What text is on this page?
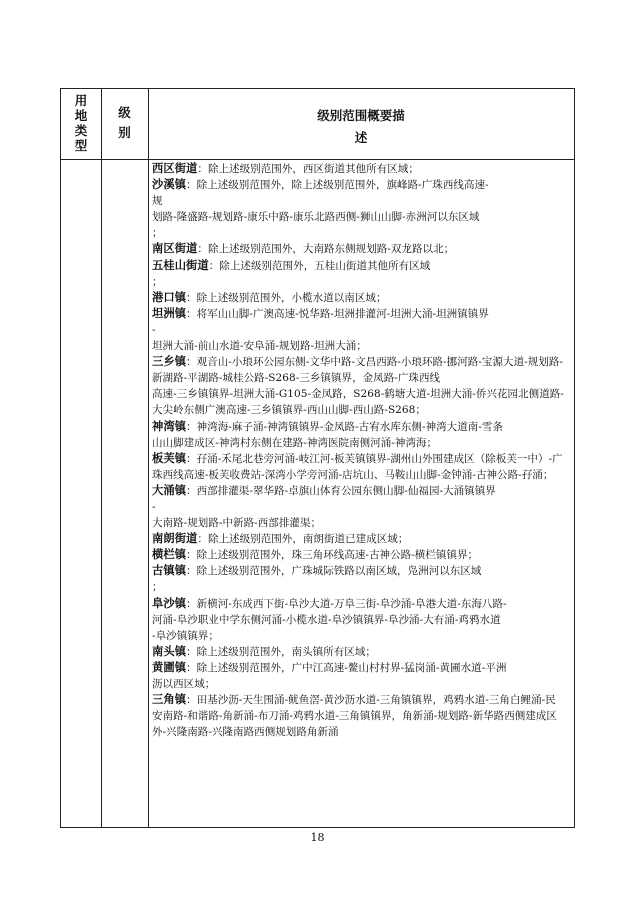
用
地
类
型
级
别
级别范围概要描
述
西区街道：除上述级别范围外，西区街道其他所有区域；
沙溪镇：除上述级别范围外，除上述级别范围外，旗峰路-广珠西线高速-
规
划路-隆盛路-规划路-康乐中路-康乐北路西侧-狮山山脚-赤洲河以东区域
；
南区街道：除上述级别范围外，大南路东侧规划路-双龙路以北；
五桂山街道：除上述级别范围外，五桂山街道其他所有区域
；
港口镇：除上述级别范围外，小榄水道以南区域；
坦洲镇：将军山山脚-广澳高速-悦华路-坦洲排灌河-坦洲大涌-坦洲镇镇界
-
坦洲大涌-前山水道-安阜涌-规划路-坦洲大涌；
三乡镇：观音山-小琅环公园东侧-文华中路-文昌西路-小琅环路-挪河路-宝源大道-规划路-新湖路-平湖路-城桂公路-S268-三乡镇镇界，金凤路-广珠西线
高速-三乡镇镇界-坦洲大涌-G105-金凤路，S268-鹤塘大道-坦洲大涌-侨兴花园北侧道路-大尖岭东侧广澳高速-三乡镇镇界-西山山脚-西山路-S268；
神湾镇：神湾海-麻子涌-神湾镇镇界-金凤路-古宥水库东侧-神湾大道南-雪条
山山脚建成区-神湾村东侧在建路-神湾医院南侧河涌-神湾海；
板芙镇：孖涌-禾尾北巷旁河涌-岐江河-板芙镇镇界-湖州山外围建成区（除板芙一中）-广珠西线高速-板芙收费站-深湾小学旁河涌-店坑山、马鞍山山脚-金钟涌-古神公路-孖涌；
大涌镇：西部排灌渠-翠华路-卓旗山体育公园东侧山脚-仙福园-大涌镇镇界
-
大南路-规划路-中新路-西部排灌渠；
南朗街道：除上述级别范围外，南朗街道已建成区域；
横栏镇：除上述级别范围外，珠三角环线高速-古神公路-横栏镇镇界；
古镇镇：除上述级别范围外，广珠城际铁路以南区域，凫洲河以东区域
；
阜沙镇：新横河-东成西下街-阜沙大道-万阜三街-阜沙涌-阜港大道-东海八路-
河涌-阜沙职业中学东侧河涌-小榄水道-阜沙镇镇界-阜沙涌-大有涌-鸡鸦水道
-阜沙镇镇界；
南头镇：除上述级别范围外，南头镇所有区域；
黄圃镇：除上述级别范围外，广中江高速-鳌山村村界-猛岗涌-黄圃水道-平洲
沥以西区域；
三角镇：田基沙沥-天生围涌-鱿鱼滘-黄沙沥水道-三角镇镇界，鸡鸦水道-三角白鲤涌-民安南路-和谐路-角新涌-布刀涌-鸡鸦水道-三角镇镇界，角新涌-规划路-新华路西侧建成区外-兴隆南路-兴隆南路西侧规划路角新涌
18
